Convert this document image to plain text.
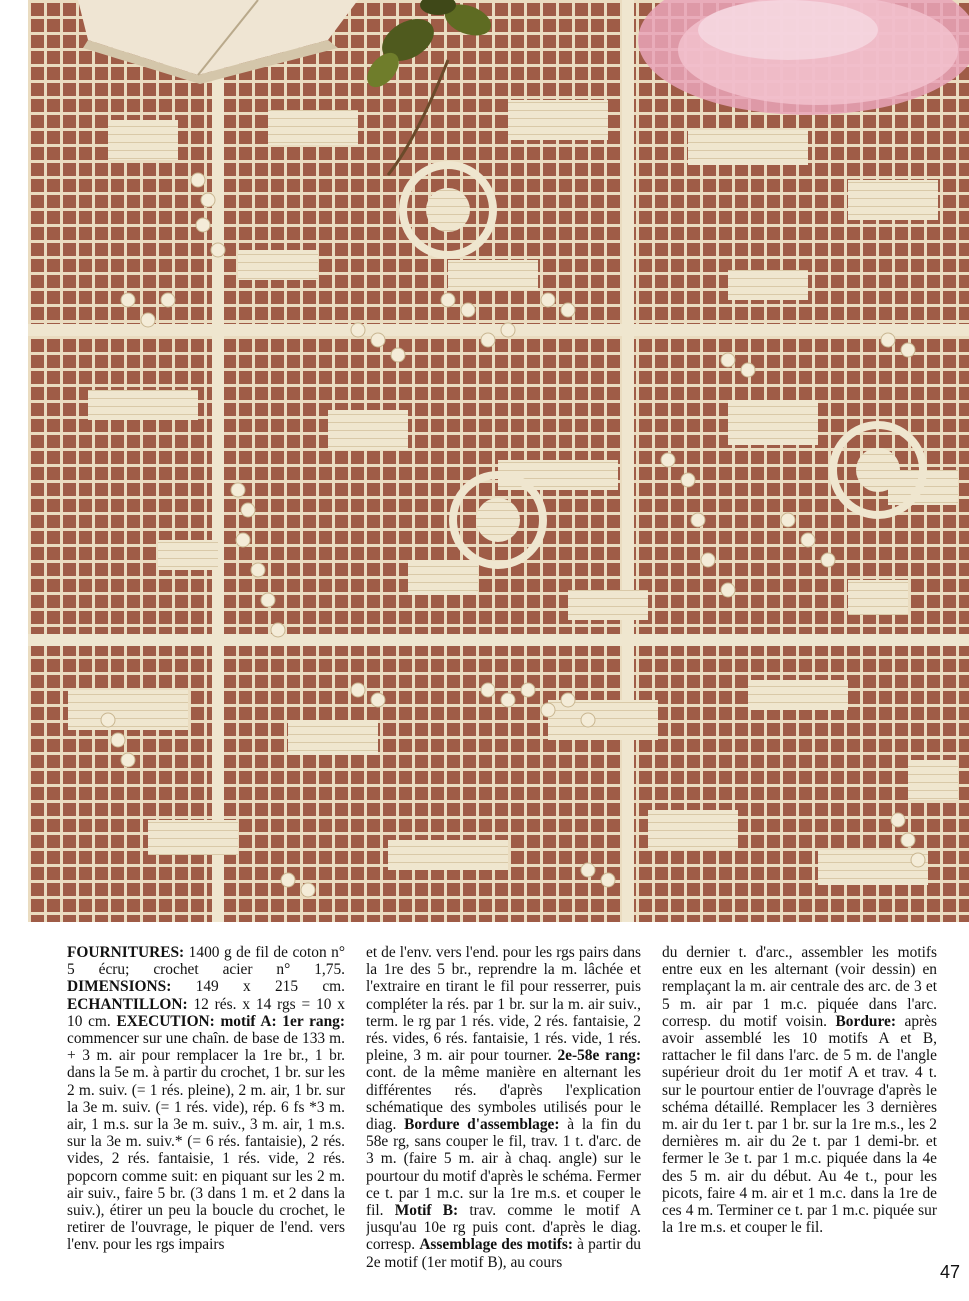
FOURNITURES: 1400 g de fil de coton n° 5 écru; crochet acier n° 1,75. DIMENSIONS: 149 x 215 cm. ECHANTILLON: 12 rés. x 14 rgs = 10 x 10 cm. EXECUTION: motif A: 1er rang: commencer sur une chaîn. de base de 133 m. + 3 m. air pour remplacer la 1re br., 1 br. dans la 5e m. à partir du crochet, 1 br. sur les 2 m. suiv. (= 1 rés. pleine), 2 m. air, 1 br. sur la 3e m. suiv. (= 1 rés. vide), rép. 6 fs *3 m. air, 1 m.s. sur la 3e m. suiv., 3 m. air, 1 m.s. sur la 3e m. suiv.* (= 6 rés. fantaisie), 2 rés. vides, 2 rés. fantaisie, 1 rés. vide, 2 rés. popcorn comme suit: en piquant sur les 2 m. air suiv., faire 5 br. (3 dans 1 m. et 2 dans la suiv.), étirer un peu la boucle du crochet, le retirer de l'ouvrage, le piquer de l'end. vers l'env. pour les rgs impairs
et de l'env. vers l'end. pour les rgs pairs dans la 1re des 5 br., reprendre la m. lâchée et l'extraire en tirant le fil pour resserrer, puis compléter la rés. par 1 br. sur la m. air suiv., term. le rg par 1 rés. vide, 2 rés. fantaisie, 2 rés. vides, 6 rés. fantaisie, 1 rés. vide, 1 rés. pleine, 3 m. air pour tourner. 2e-58e rang: cont. de la même manière en alternant les différentes rés. d'après l'explication schématique des symboles utilisés pour le diag. Bordure d'assemblage: à la fin du 58e rg, sans couper le fil, trav. 1 t. d'arc. de 3 m. (faire 5 m. air à chaq. angle) sur le pourtour du motif d'après le schéma. Fermer ce t. par 1 m.c. sur la 1re m.s. et couper le fil. Motif B: trav. comme le motif A jusqu'au 10e rg puis cont. d'après le diag. corresp. Assemblage des motifs: à partir du 2e motif (1er motif B), au cours
du dernier t. d'arc., assembler les motifs entre eux en les alternant (voir dessin) en remplaçant la m. air centrale des arc. de 3 et 5 m. air par 1 m.c. piquée dans l'arc. corresp. du motif voisin. Bordure: après avoir assemblé les 10 motifs A et B, rattacher le fil dans l'arc. de 5 m. de l'angle supérieur droit du 1er motif A et trav. 4 t. sur le pourtour entier de l'ouvrage d'après le schéma détaillé. Remplacer les 3 dernières m. air du 1er t. par 1 br. sur la 1re m.s., les 2 dernières m. air du 2e t. par 1 demi-br. et fermer le 3e t. par 1 m.c. piquée dans la 4e des 5 m. air du début. Au 4e t., pour les picots, faire 4 m. air et 1 m.c. dans la 1re de ces 4 m. Terminer ce t. par 1 m.c. piquée sur la 1re m.s. et couper le fil.
47
